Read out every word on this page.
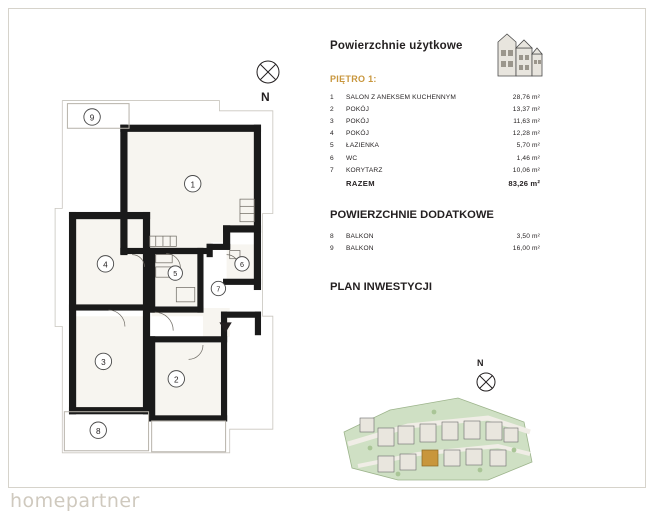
Powierzchnie użytkowe
PIĘTRO 1:
1	SALON Z ANEKSEM KUCHENNYM	28,76 m²
2	POKÓJ	13,37 m²
3	POKÓJ	11,63 m²
4	POKÓJ	12,28 m²
5	ŁAZIENKA	5,70 m²
6	WC	1,46 m²
7	KORYTARZ	10,06 m²
	RAZEM	83,26 m²
POWIERZCHNIE DODATKOWE
8	BALKON	3,50 m²
9	BALKON	16,00 m²
PLAN INWESTYCJI
N
1
2
3
4
5
6
7
8
9
N
homepartner
